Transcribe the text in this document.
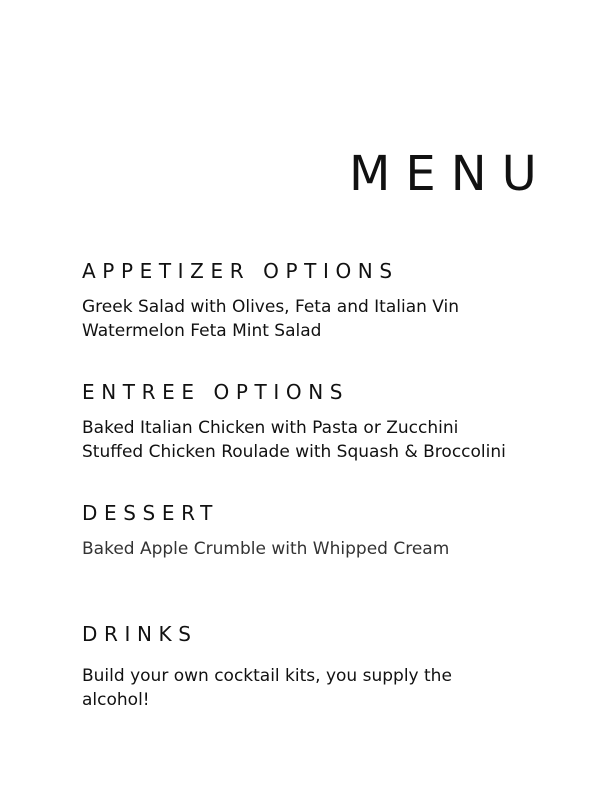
MENU
APPETIZER OPTIONS

Greek Salad with Olives, Feta and Italian Vin

Watermelon Feta Mint Salad

ENTREE OPTIONS

Baked Italian Chicken with Pasta or Zucchini

Stuffed Chicken Roulade with Squash & Broccolini

DESSERT

Baked Apple Crumble with Whipped Cream

DRINKS

Build your own cocktail kits, you supply the alcohol!
